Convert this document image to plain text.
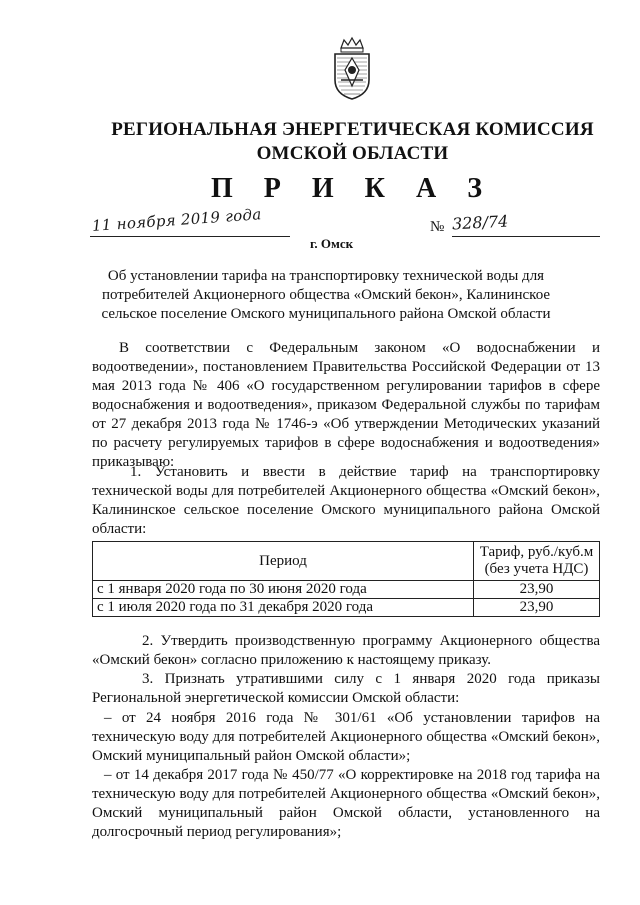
РЕГИОНАЛЬНАЯ ЭНЕРГЕТИЧЕСКАЯ КОМИССИЯ
ОМСКОЙ ОБЛАСТИ
П Р И К А З
11 ноября 2019 года	№ 328/74
г. Омск
Об установлении тарифа на транспортировку технической воды для потребителей Акционерного общества «Омский бекон», Калининское сельское поселение Омского муниципального района Омской области
В соответствии с Федеральным законом «О водоснабжении и водоотведении», постановлением Правительства Российской Федерации от 13 мая 2013 года № 406 «О государственном регулировании тарифов в сфере водоснабжения и водоотведения», приказом Федеральной службы по тарифам от 27 декабря 2013 года № 1746-э «Об утверждении Методических указаний по расчету регулируемых тарифов в сфере водоснабжения и водоотведения» приказываю:
1. Установить и ввести в действие тариф на транспортировку технической воды для потребителей Акционерного общества «Омский бекон», Калининское сельское поселение Омского муниципального района Омской области:
Период	Тариф, руб./куб.м
(без учета НДС)
с 1 января 2020 года по 30 июня 2020 года	23,90
с 1 июля 2020 года по 31 декабря 2020 года	23,90
2. Утвердить производственную программу Акционерного общества «Омский бекон» согласно приложению к настоящему приказу.
3. Признать утратившими силу с 1 января 2020 года приказы Региональной энергетической комиссии Омской области:
– от 24 ноября 2016 года № 301/61 «Об установлении тарифов на техническую воду для потребителей Акционерного общества «Омский бекон», Омский муниципальный район Омской области»;
– от 14 декабря 2017 года № 450/77 «О корректировке на 2018 год тарифа на техническую воду для потребителей Акционерного общества «Омский бекон», Омский муниципальный район Омской области, установленного на долгосрочный период регулирования»;
